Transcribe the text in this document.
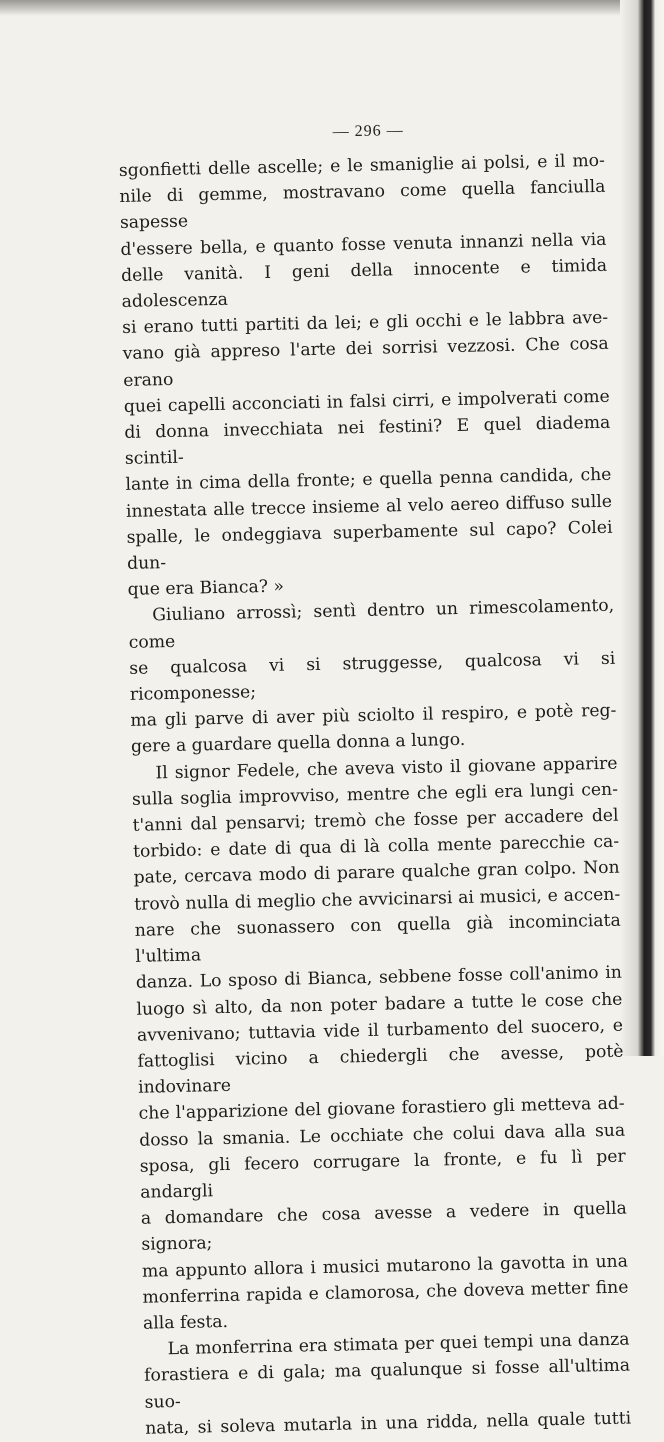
— 296 —

sgonfietti delle ascelle; e le smaniglie ai polsi, e il mo-

nile di gemme, mostravano come quella fanciulla sapesse

d'essere bella, e quanto fosse venuta innanzi nella via

delle vanità. I geni della innocente e timida adolescenza

si erano tutti partiti da lei; e gli occhi e le labbra ave-

vano già appreso l'arte dei sorrisi vezzosi. Che cosa erano

quei capelli acconciati in falsi cirri, e impolverati come

di donna invecchiata nei festini? E quel diadema scintil-

lante in cima della fronte; e quella penna candida, che

innestata alle trecce insieme al velo aereo diffuso sulle

spalle, le ondeggiava superbamente sul capo? Colei dun-

que era Bianca? »

Giuliano arrossì; sentì dentro un rimescolamento, come

se qualcosa vi si struggesse, qualcosa vi si ricomponesse;

ma gli parve di aver più sciolto il respiro, e potè reg-

gere a guardare quella donna a lungo.

Il signor Fedele, che aveva visto il giovane apparire

sulla soglia improvviso, mentre che egli era lungi cen-

t'anni dal pensarvi; tremò che fosse per accadere del

torbido: e date di qua di là colla mente parecchie ca-

pate, cercava modo di parare qualche gran colpo. Non

trovò nulla di meglio che avvicinarsi ai musici, e accen-

nare che suonassero con quella già incominciata l'ultima

danza. Lo sposo di Bianca, sebbene fosse coll'animo in

luogo sì alto, da non poter badare a tutte le cose che

avvenivano; tuttavia vide il turbamento del suocero, e

fattoglisi vicino a chiedergli che avesse, potè indovinare

che l'apparizione del giovane forastiero gli metteva ad-

dosso la smania. Le occhiate che colui dava alla sua

sposa, gli fecero corrugare la fronte, e fu lì per andargli

a domandare che cosa avesse a vedere in quella signora;

ma appunto allora i musici mutarono la gavotta in una

monferrina rapida e clamorosa, che doveva metter fine

alla festa.

La monferrina era stimata per quei tempi una danza

forastiera e di gala; ma qualunque si fosse all'ultima suo-

nata, si soleva mutarla in una ridda, nella quale tutti
